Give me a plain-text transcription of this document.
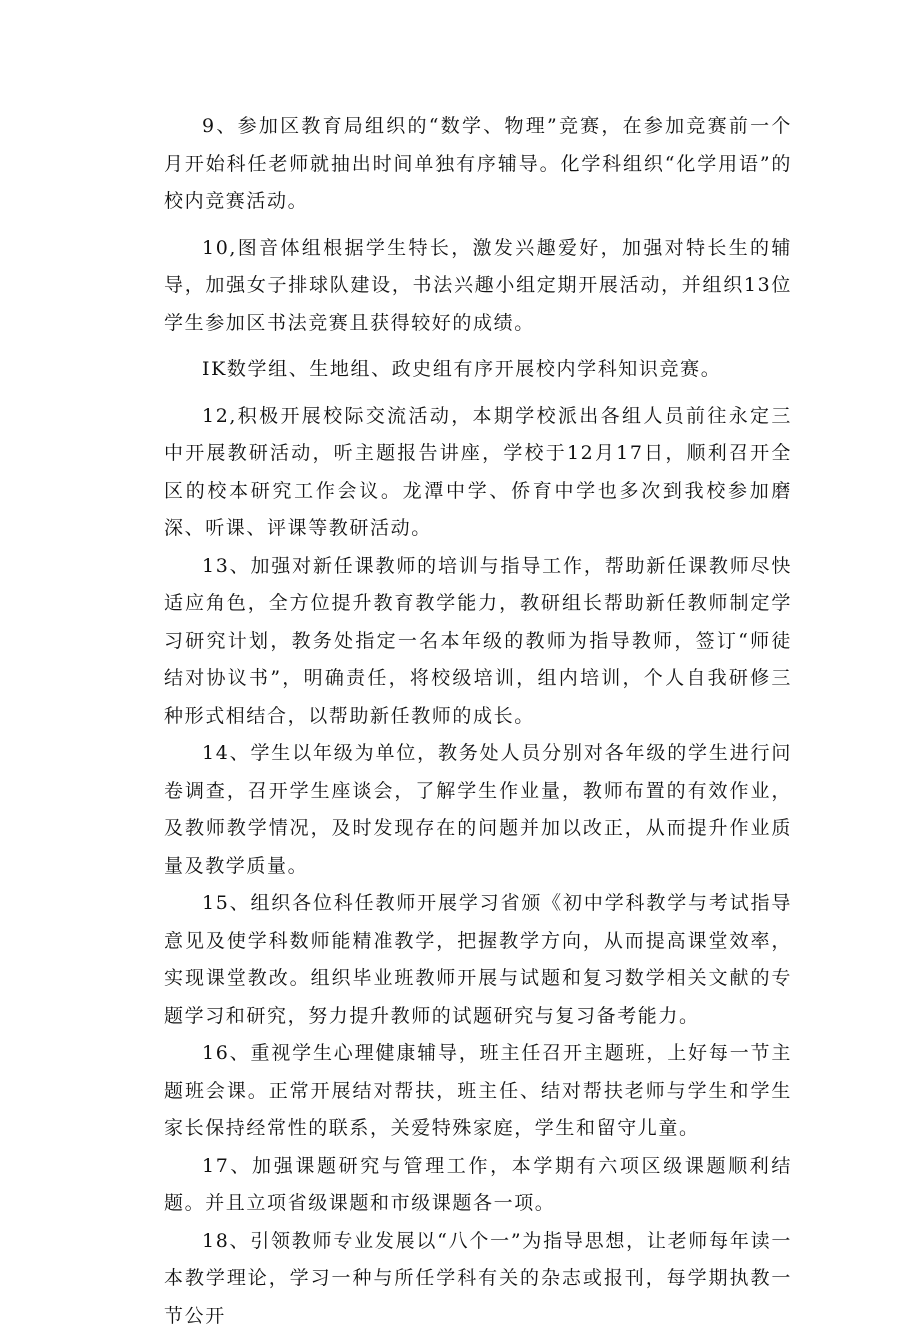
9、参加区教育局组织的“数学、物理”竞赛，在参加竞赛前一个月开始科任老师就抽出时间单独有序辅导。化学科组织“化学用语”的校内竞赛活动。

10,图音体组根据学生特长，激发兴趣爱好，加强对特长生的辅导，加强女子排球队建设，书法兴趣小组定期开展活动，并组织13位学生参加区书法竞赛且获得较好的成绩。

IK数学组、生地组、政史组有序开展校内学科知识竞赛。

12,积极开展校际交流活动，本期学校派出各组人员前往永定三中开展教研活动，听主题报告讲座，学校于12月17日，顺利召开全区的校本研究工作会议。龙潭中学、侨育中学也多次到我校参加磨深、听课、评课等教研活动。

13、加强对新任课教师的培训与指导工作，帮助新任课教师尽快适应角色，全方位提升教育教学能力，教研组长帮助新任教师制定学习研究计划，教务处指定一名本年级的教师为指导教师，签订“师徒结对协议书”，明确责任，将校级培训，组内培训，个人自我研修三种形式相结合，以帮助新任教师的成长。

14、学生以年级为单位，教务处人员分别对各年级的学生进行问卷调查，召开学生座谈会，了解学生作业量，教师布置的有效作业，及教师教学情况，及时发现存在的问题并加以改正，从而提升作业质量及教学质量。

15、组织各位科任教师开展学习省颁《初中学科教学与考试指导意见及使学科数师能精准教学，把握教学方向，从而提高课堂效率，实现课堂教改。组织毕业班教师开展与试题和复习数学相关文献的专题学习和研究，努力提升教师的试题研究与复习备考能力。

16、重视学生心理健康辅导，班主任召开主题班，上好每一节主题班会课。正常开展结对帮扶，班主任、结对帮扶老师与学生和学生家长保持经常性的联系，关爱特殊家庭，学生和留守儿童。

17、加强课题研究与管理工作，本学期有六项区级课题顺利结题。并且立项省级课题和市级课题各一项。

18、引领教师专业发展以“八个一”为指导思想，让老师每年读一本教学理论，学习一种与所任学科有关的杂志或报刊，每学期执教一节公开
